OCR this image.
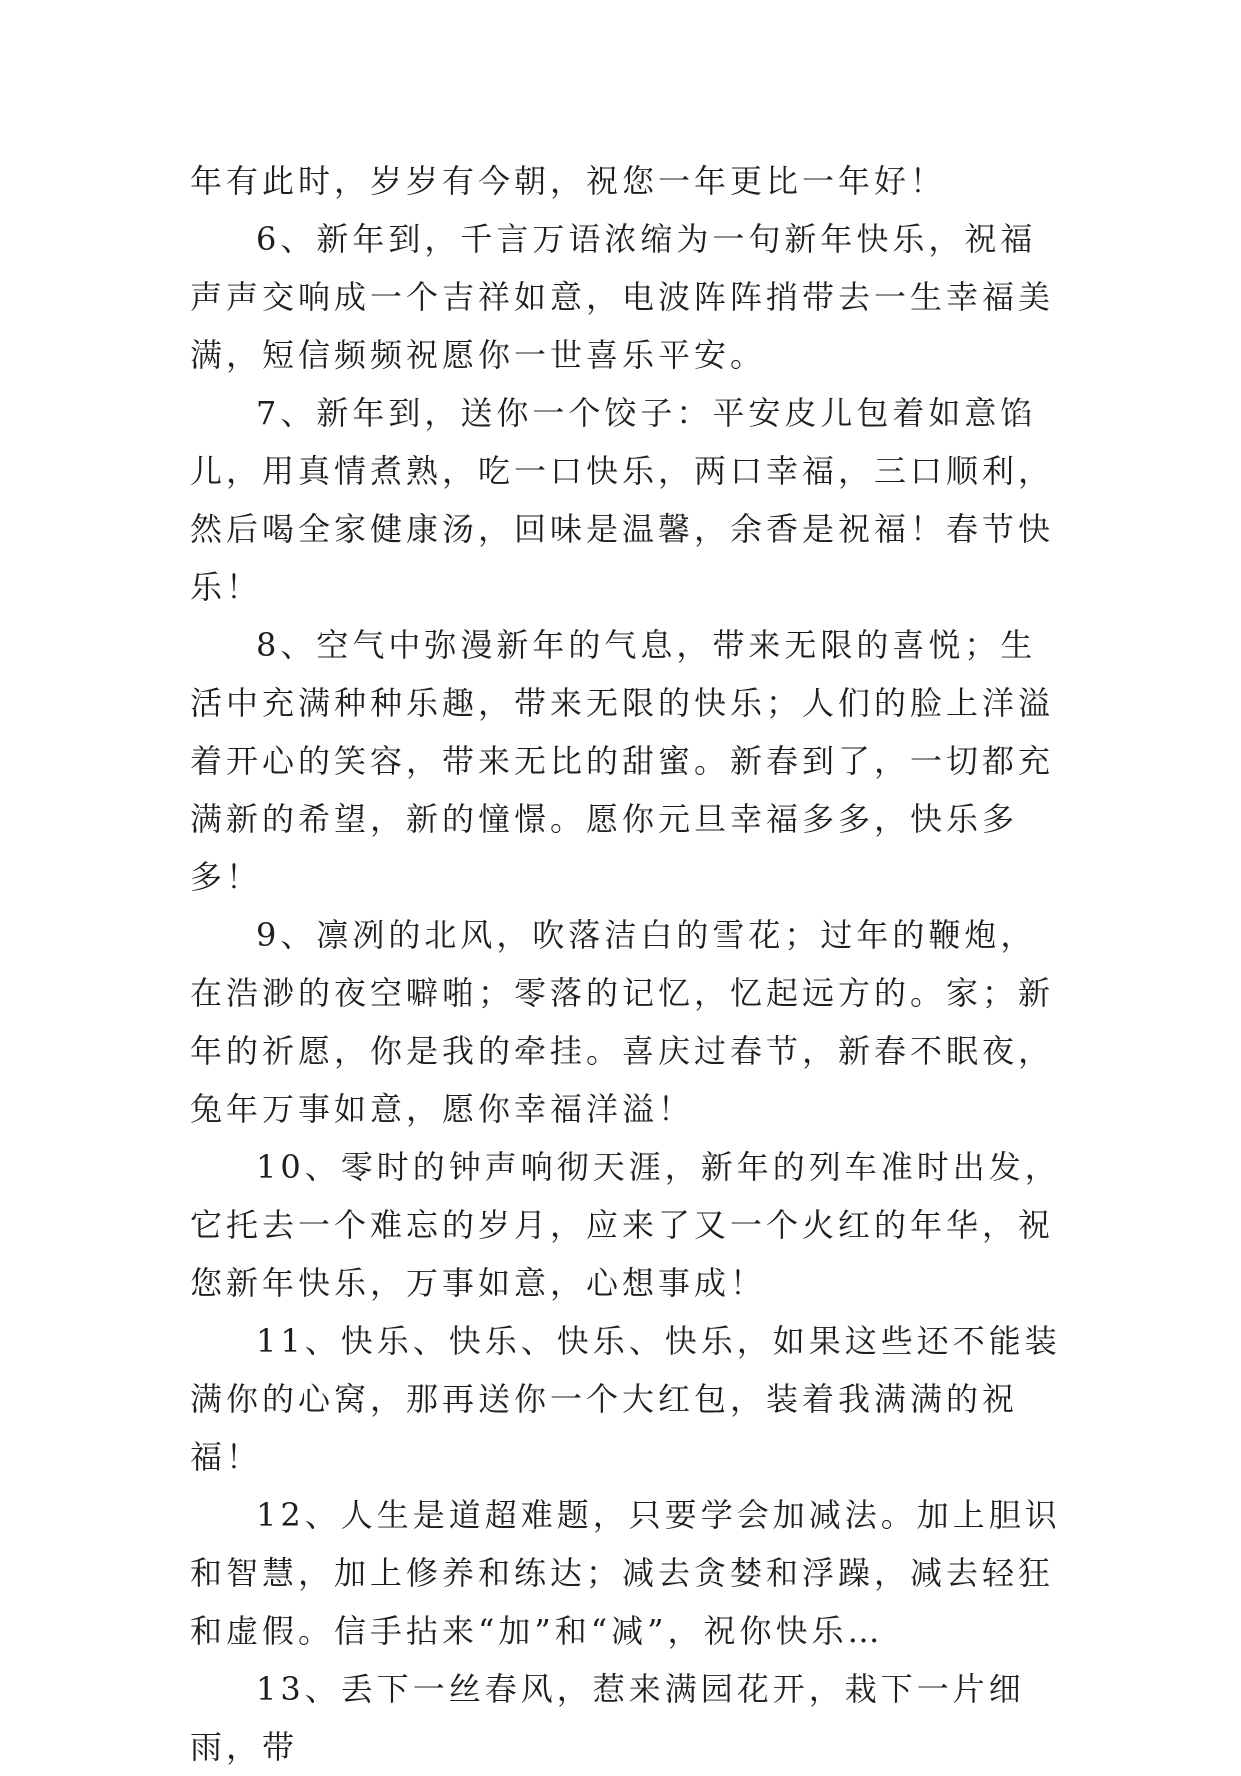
年有此时，岁岁有今朝，祝您一年更比一年好！

6、新年到，千言万语浓缩为一句新年快乐，祝福声声交响成一个吉祥如意，电波阵阵捎带去一生幸福美满，短信频频祝愿你一世喜乐平安。

7、新年到，送你一个饺子：平安皮儿包着如意馅儿，用真情煮熟，吃一口快乐，两口幸福，三口顺利，然后喝全家健康汤，回味是温馨，余香是祝福！春节快乐！

8、空气中弥漫新年的气息，带来无限的喜悦；生活中充满种种乐趣，带来无限的快乐；人们的脸上洋溢着开心的笑容，带来无比的甜蜜。新春到了，一切都充满新的希望，新的憧憬。愿你元旦幸福多多，快乐多多！

9、凛冽的北风，吹落洁白的雪花；过年的鞭炮，在浩渺的夜空噼啪；零落的记忆，忆起远方的。家；新年的祈愿，你是我的牵挂。喜庆过春节，新春不眠夜，兔年万事如意，愿你幸福洋溢！

10、零时的钟声响彻天涯，新年的列车准时出发，它托去一个难忘的岁月，应来了又一个火红的年华，祝您新年快乐，万事如意，心想事成！

11、快乐、快乐、快乐、快乐，如果这些还不能装满你的心窝，那再送你一个大红包，装着我满满的祝福！

12、人生是道超难题，只要学会加减法。加上胆识和智慧，加上修养和练达；减去贪婪和浮躁，减去轻狂和虚假。信手拈来“加”和“减”，祝你快乐…

13、丢下一丝春风，惹来满园花开，栽下一片细雨，带
